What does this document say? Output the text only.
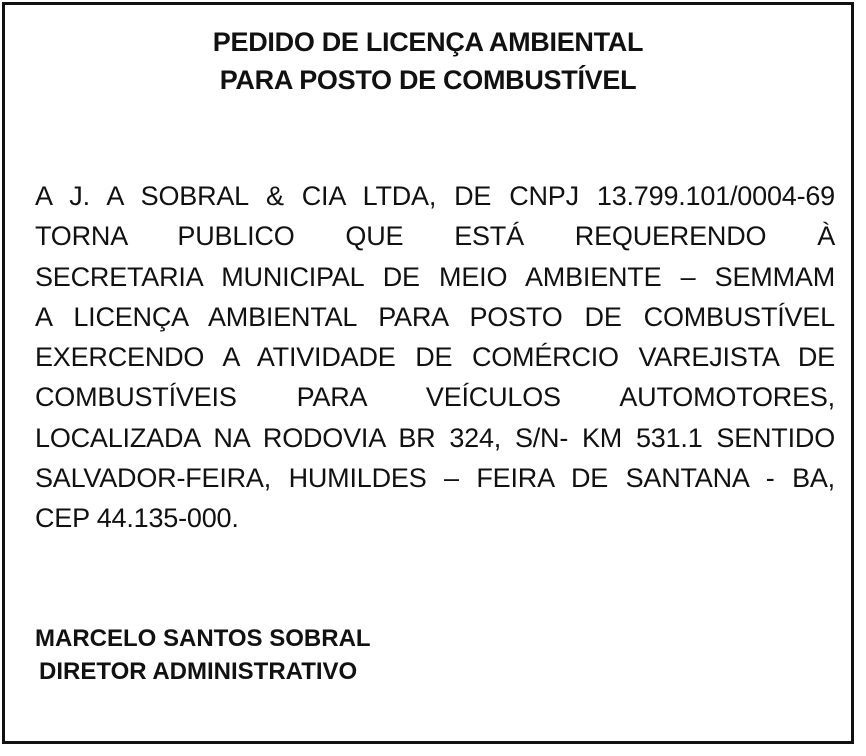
PEDIDO DE LICENÇA AMBIENTAL
PARA POSTO DE COMBUSTÍVEL
A J. A SOBRAL & CIA LTDA, DE CNPJ 13.799.101/0004-69
TORNA PUBLICO QUE ESTÁ REQUERENDO À
SECRETARIA MUNICIPAL DE MEIO AMBIENTE – SEMMAM
A LICENÇA AMBIENTAL PARA POSTO DE COMBUSTÍVEL
EXERCENDO A ATIVIDADE DE COMÉRCIO VAREJISTA DE
COMBUSTÍVEIS PARA VEÍCULOS AUTOMOTORES,
LOCALIZADA NA RODOVIA BR 324, S/N- KM 531.1 SENTIDO
SALVADOR-FEIRA, HUMILDES – FEIRA DE SANTANA - BA,
CEP 44.135-000.
MARCELO SANTOS SOBRAL
DIRETOR ADMINISTRATIVO
